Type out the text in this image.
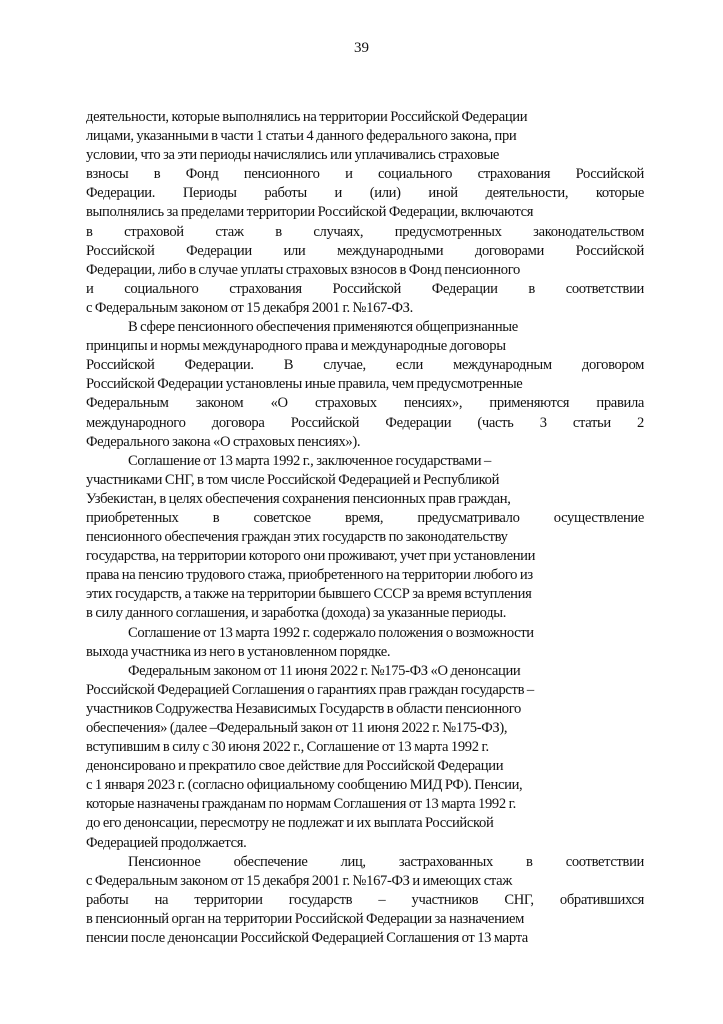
39
деятельности, которые выполнялись на территории Российской Федерации
лицами, указанными в части 1 статьи 4 данного федерального закона, при
условии, что за эти периоды начислялись или уплачивались страховые
взносы в Фонд пенсионного и социального страхования Российской
Федерации. Периоды работы и (или) иной деятельности, которые
выполнялись за пределами территории Российской Федерации, включаются
в страховой стаж в случаях, предусмотренных законодательством
Российской Федерации или международными договорами Российской
Федерации, либо в случае уплаты страховых взносов в Фонд пенсионного
и социального страхования Российской Федерации в соответствии
с Федеральным законом от 15 декабря 2001 г. №167-ФЗ.
В сфере пенсионного обеспечения применяются общепризнанные
принципы и нормы международного права и международные договоры
Российской Федерации. В случае, если международным договором
Российской Федерации установлены иные правила, чем предусмотренные
Федеральным законом «О страховых пенсиях», применяются правила
международного договора Российской Федерации (часть 3 статьи 2
Федерального закона «О страховых пенсиях»).
Соглашение от 13 марта 1992 г., заключенное государствами –
участниками СНГ, в том числе Российской Федерацией и Республикой
Узбекистан, в целях обеспечения сохранения пенсионных прав граждан,
приобретенных в советское время, предусматривало осуществление
пенсионного обеспечения граждан этих государств по законодательству
государства, на территории которого они проживают, учет при установлении
права на пенсию трудового стажа, приобретенного на территории любого из
этих государств, а также на территории бывшего СССР за время вступления
в силу данного соглашения, и заработка (дохода) за указанные периоды.
Соглашение от 13 марта 1992 г. содержало положения о возможности
выхода участника из него в установленном порядке.
Федеральным законом от 11 июня 2022 г. №175-ФЗ «О денонсации
Российской Федерацией Соглашения о гарантиях прав граждан государств –
участников Содружества Независимых Государств в области пенсионного
обеспечения» (далее –Федеральный закон от 11 июня 2022 г. №175-ФЗ),
вступившим в силу с 30 июня 2022 г., Соглашение от 13 марта 1992 г.
денонсировано и прекратило свое действие для Российской Федерации
с 1 января 2023 г. (согласно официальному сообщению МИД РФ). Пенсии,
которые назначены гражданам по нормам Соглашения от 13 марта 1992 г.
до его денонсации, пересмотру не подлежат и их выплата Российской
Федерацией продолжается.
Пенсионное обеспечение лиц, застрахованных в соответствии
с Федеральным законом от 15 декабря 2001 г. №167-ФЗ и имеющих стаж
работы на территории государств – участников СНГ, обратившихся
в пенсионный орган на территории Российской Федерации за назначением
пенсии после денонсации Российской Федерацией Соглашения от 13 марта
